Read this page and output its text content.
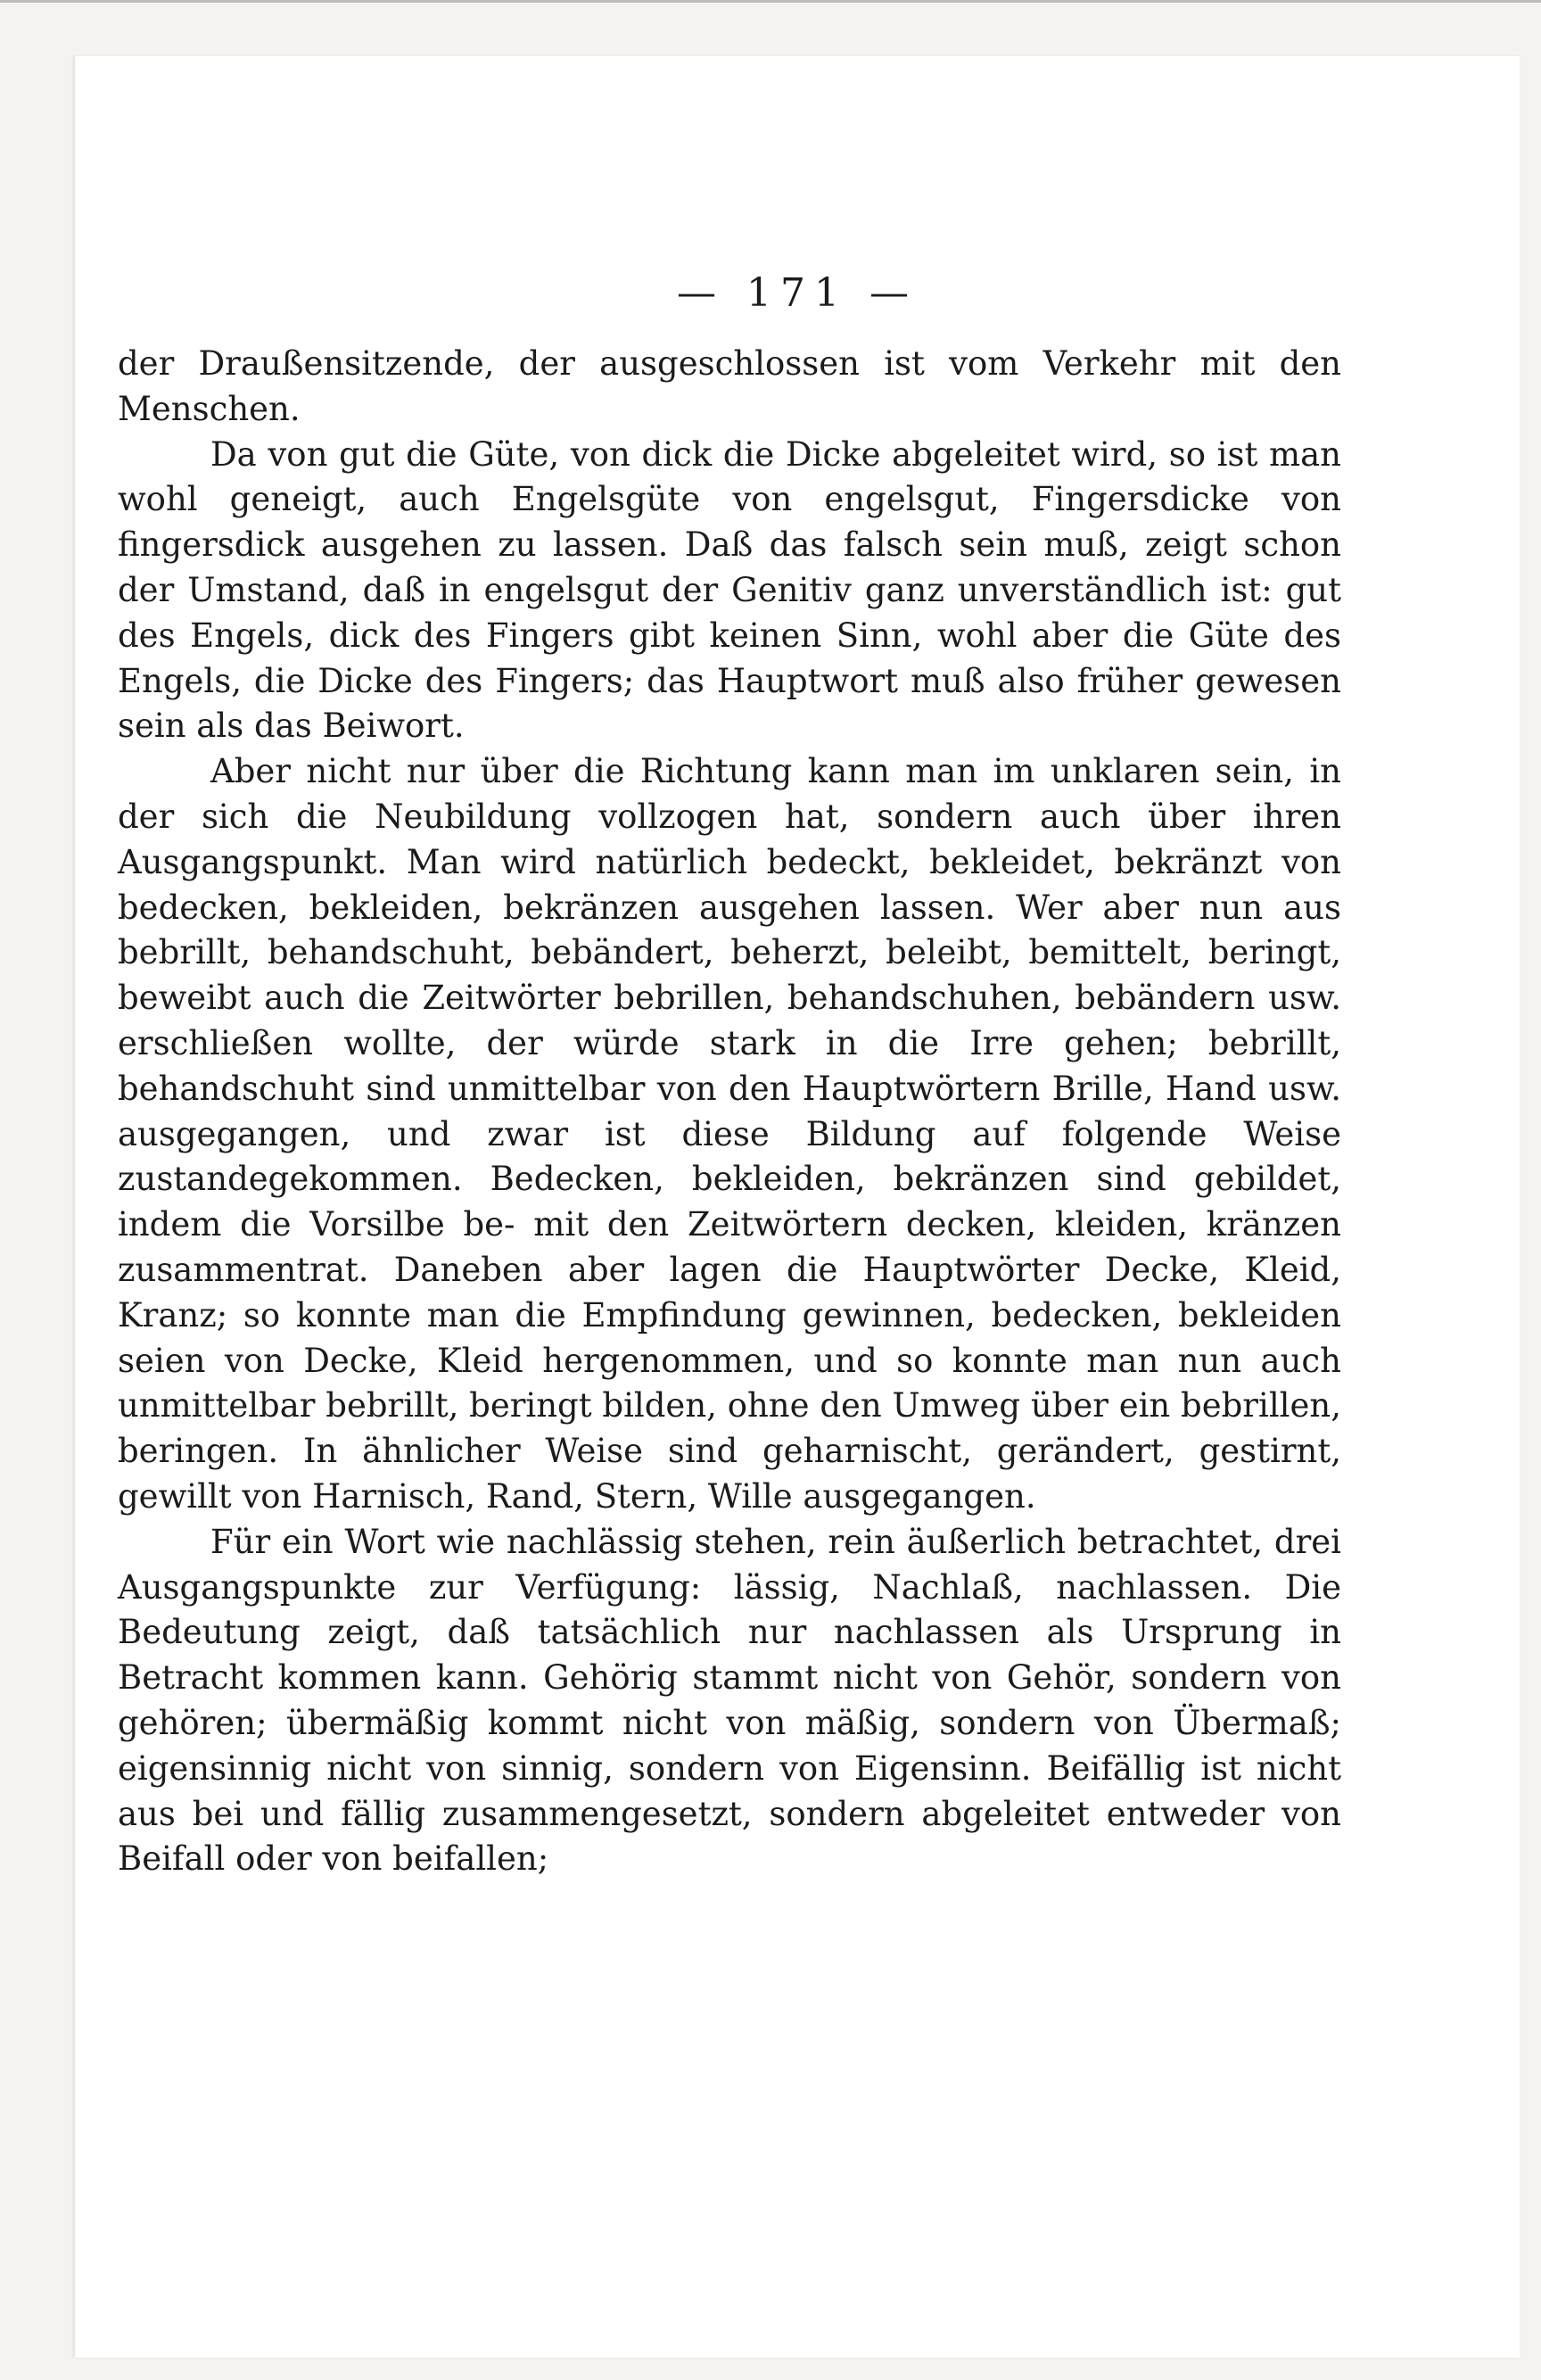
— 171 —

der Draußensitzende, der ausgeschlossen ist vom Verkehr mit den Menschen.

Da von gut die Güte, von dick die Dicke abgeleitet wird, so ist man wohl geneigt, auch Engelsgüte von engelsgut, Fingersdicke von fingersdick ausgehen zu lassen. Daß das falsch sein muß, zeigt schon der Umstand, daß in engelsgut der Genitiv ganz unverständlich ist: gut des Engels, dick des Fingers gibt keinen Sinn, wohl aber die Güte des Engels, die Dicke des Fingers; das Hauptwort muß also früher gewesen sein als das Beiwort.

Aber nicht nur über die Richtung kann man im unklaren sein, in der sich die Neubildung vollzogen hat, sondern auch über ihren Ausgangspunkt. Man wird natürlich bedeckt, bekleidet, bekränzt von bedecken, bekleiden, bekränzen ausgehen lassen. Wer aber nun aus bebrillt, behandschuht, bebändert, beherzt, beleibt, bemittelt, beringt, beweibt auch die Zeitwörter bebrillen, behandschuhen, bebändern usw. erschließen wollte, der würde stark in die Irre gehen; bebrillt, behandschuht sind unmittelbar von den Hauptwörtern Brille, Hand usw. ausgegangen, und zwar ist diese Bildung auf folgende Weise zustandegekommen. Bedecken, bekleiden, bekränzen sind gebildet, indem die Vorsilbe be- mit den Zeitwörtern decken, kleiden, kränzen zusammentrat. Daneben aber lagen die Hauptwörter Decke, Kleid, Kranz; so konnte man die Empfindung gewinnen, bedecken, bekleiden seien von Decke, Kleid hergenommen, und so konnte man nun auch unmittelbar bebrillt, beringt bilden, ohne den Umweg über ein bebrillen, beringen. In ähnlicher Weise sind geharnischt, gerändert, gestirnt, gewillt von Harnisch, Rand, Stern, Wille ausgegangen.

Für ein Wort wie nachlässig stehen, rein äußerlich betrachtet, drei Ausgangspunkte zur Verfügung: lässig, Nachlaß, nachlassen. Die Bedeutung zeigt, daß tatsächlich nur nachlassen als Ursprung in Betracht kommen kann. Gehörig stammt nicht von Gehör, sondern von gehören; übermäßig kommt nicht von mäßig, sondern von Übermaß; eigensinnig nicht von sinnig, sondern von Eigensinn. Beifällig ist nicht aus bei und fällig zusammengesetzt, sondern abgeleitet entweder von Beifall oder von beifallen;
